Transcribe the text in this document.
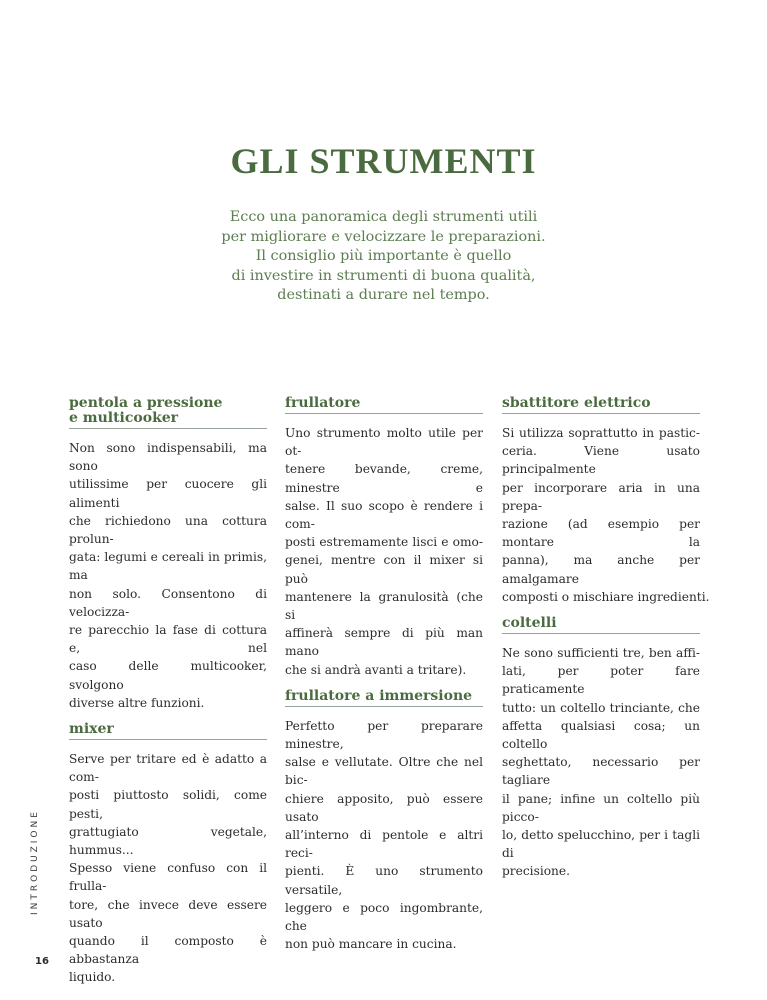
GLI STRUMENTI
Ecco una panoramica degli strumenti utili
per migliorare e velocizzare le preparazioni.
Il consiglio più importante è quello
di investire in strumenti di buona qualità,
destinati a durare nel tempo.
pentola a pressione
e multicooker
Non sono indispensabili, ma sono
utilissime per cuocere gli alimenti
che richiedono una cottura prolun-
gata: legumi e cereali in primis, ma
non solo. Consentono di velocizza-
re parecchio la fase di cottura e, nel
caso delle multicooker, svolgono
diverse altre funzioni.
mixer
Serve per tritare ed è adatto a com-
posti piuttosto solidi, come pesti,
grattugiato vegetale, hummus...
Spesso viene confuso con il frulla-
tore, che invece deve essere usato
quando il composto è abbastanza
liquido.
frullatore
Uno strumento molto utile per ot-
tenere bevande, creme, minestre e
salse. Il suo scopo è rendere i com-
posti estremamente lisci e omo-
genei, mentre con il mixer si può
mantenere la granulosità (che si
affinerà sempre di più man mano
che si andrà avanti a tritare).
frullatore a immersione
Perfetto per preparare minestre,
salse e vellutate. Oltre che nel bic-
chiere apposito, può essere usato
all’interno di pentole e altri reci-
pienti. È uno strumento versatile,
leggero e poco ingombrante, che
non può mancare in cucina.
sbattitore elettrico
Si utilizza soprattutto in pastic-
ceria. Viene usato principalmente
per incorporare aria in una prepa-
razione (ad esempio per montare la
panna), ma anche per amalgamare
composti o mischiare ingredienti.
coltelli
Ne sono sufficienti tre, ben affi-
lati, per poter fare praticamente
tutto: un coltello trinciante, che
affetta qualsiasi cosa; un coltello
seghettato, necessario per tagliare
il pane; infine un coltello più picco-
lo, detto spelucchino, per i tagli di
precisione.
INTRODUZIONE
16
